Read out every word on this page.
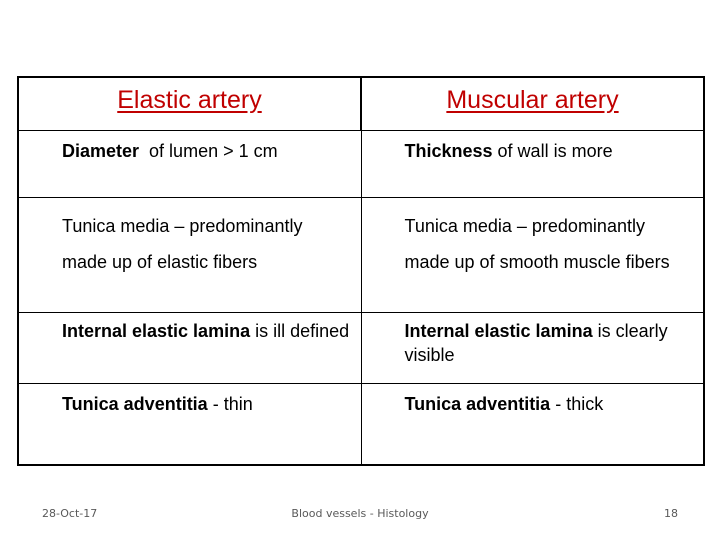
Elastic artery	Muscular artery

Diameter  of lumen > 1 cm	Thickness of wall is more

Tunica media – predominantly made up of elastic fibers	Tunica media – predominantly made up of smooth muscle fibers

Internal elastic lamina is ill defined	Internal elastic lamina is clearly visible

Tunica adventitia - thin	Tunica adventitia - thick

28-Oct-17	Blood vessels - Histology	18
